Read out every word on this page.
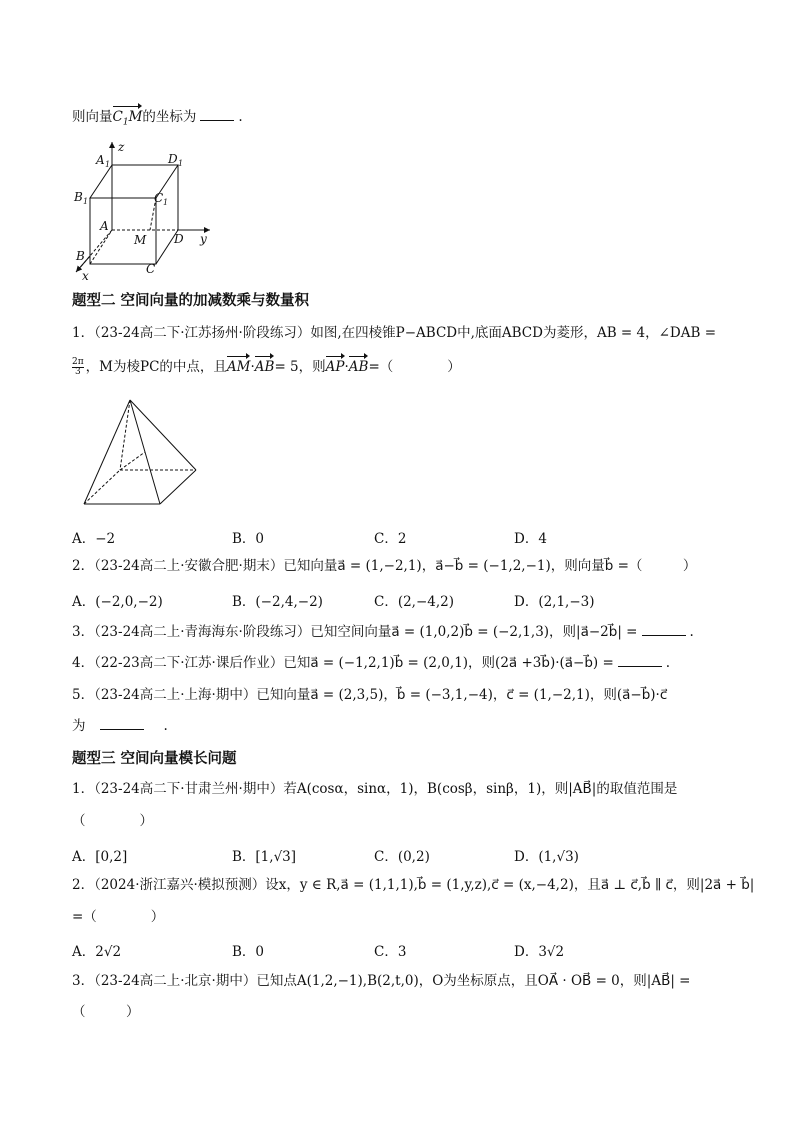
则向量$C_1M$的坐标为	.
z
A 1	D 1
B 1	C 1
A
M D y
B
C
x
题型二 空间向量的加减数乘与数量积
1．（23-24高二下·江苏扬州·阶段练习）如图,在四棱锥P−ABCD中,底面ABCD为菱形，AB = 4，∠DAB =
$\frac{2\pi}{3}$ ，M为棱PC的中点，且AM·AB= 5，则AP·AB=（　　　　）
A．−2	B．0	C．2	D．4
2．（23-24高二上·安徽合肥·期末）已知向量a⃗ = (1,−2,1)，a⃗−b⃗ = (−1,2,−1)，则向量b⃗ =（　　　）
A．(−2,0,−2)	B．(−2,4,−2)	C．(2,−4,2)	D．(2,1,−3)
3．（23-24高二上·青海海东·阶段练习）已知空间向量a⃗ = (1,0,2)b⃗ = (−2,1,3)，则|a⃗−2b⃗| =	.
4．（22-23高二下·江苏·课后作业）已知a⃗ = (−1,2,1)b⃗ = (2,0,1)，则(2a⃗ +3b⃗)·(a⃗−b⃗) =	.
5．（23-24高二上·上海·期中）已知向量a⃗ = (2,3,5)，b⃗ = (−3,1,−4)，c⃗ = (1,−2,1)，则(a⃗−b⃗)·c⃗
为	.
题型三 空间向量模长问题
1．（23-24高二下·甘肃兰州·期中）若A(cosα，sinα，1)，B(cosβ，sinβ，1)，则|AB⃗|的取值范围是
（　　　　）
A．[0,2]	B．[1,√3]	C．(0,2)	D．(1,√3)
2．（2024·浙江嘉兴·模拟预测）设x，y ∈ R,a⃗ = (1,1,1),b⃗ = (1,y,z),c⃗ = (x,−4,2)，且a⃗ ⊥ c⃗,b⃗ ∥ c⃗，则|2a⃗ + b⃗|
=（　　　　）
A．2√2	B．0	C．3	D．3√2
3．（23-24高二上·北京·期中）已知点A(1,2,−1),B(2,t,0)，O为坐标原点，且OA⃗ · OB⃗ = 0，则|AB⃗| =
（　　　）
